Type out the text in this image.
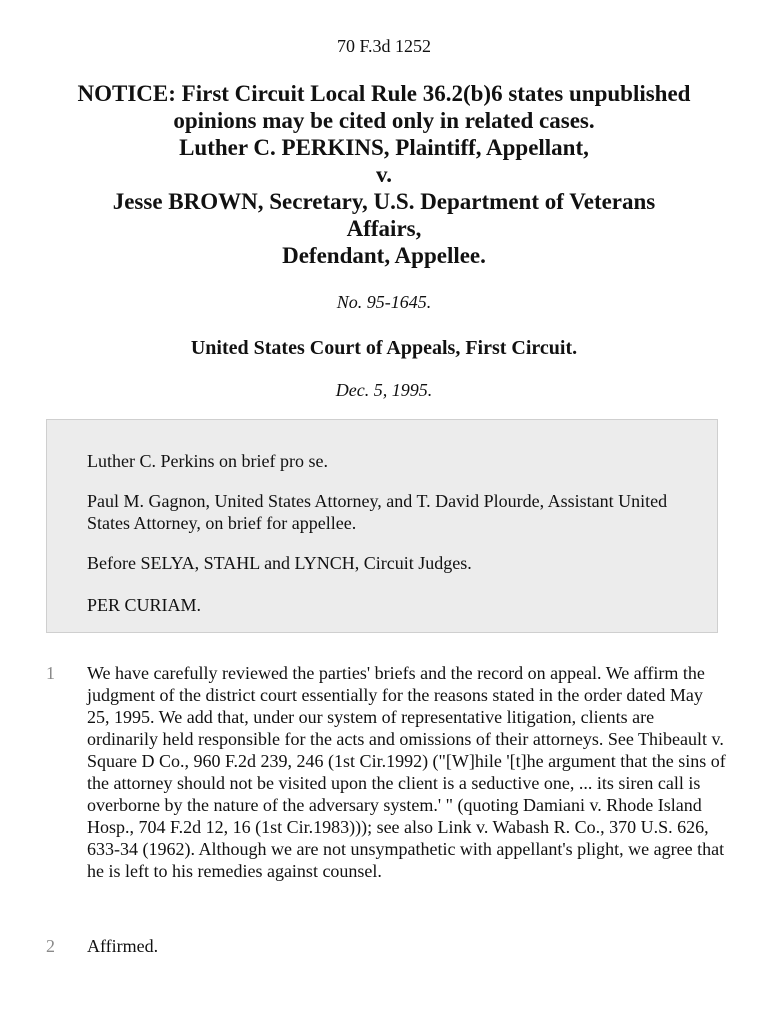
70 F.3d 1252
NOTICE: First Circuit Local Rule 36.2(b)6 states unpublished
opinions may be cited only in related cases.
Luther C. PERKINS, Plaintiff, Appellant,
v.
Jesse BROWN, Secretary, U.S. Department of Veterans
Affairs,
Defendant, Appellee.
No. 95-1645.
United States Court of Appeals, First Circuit.
Dec. 5, 1995.

Luther C. Perkins on brief pro se.

Paul M. Gagnon, United States Attorney, and T. David Plourde, Assistant United States Attorney, on brief for appellee.

Before SELYA, STAHL and LYNCH, Circuit Judges.

PER CURIAM.

1 We have carefully reviewed the parties' briefs and the record on appeal. We affirm the judgment of the district court essentially for the reasons stated in the order dated May 25, 1995. We add that, under our system of representative litigation, clients are ordinarily held responsible for the acts and omissions of their attorneys. See Thibeault v. Square D Co., 960 F.2d 239, 246 (1st Cir.1992) ("[W]hile '[t]he argument that the sins of the attorney should not be visited upon the client is a seductive one, ... its siren call is overborne by the nature of the adversary system.' " (quoting Damiani v. Rhode Island Hosp., 704 F.2d 12, 16 (1st Cir.1983))); see also Link v. Wabash R. Co., 370 U.S. 626, 633-34 (1962). Although we are not unsympathetic with appellant's plight, we agree that he is left to his remedies against counsel.

2 Affirmed.
